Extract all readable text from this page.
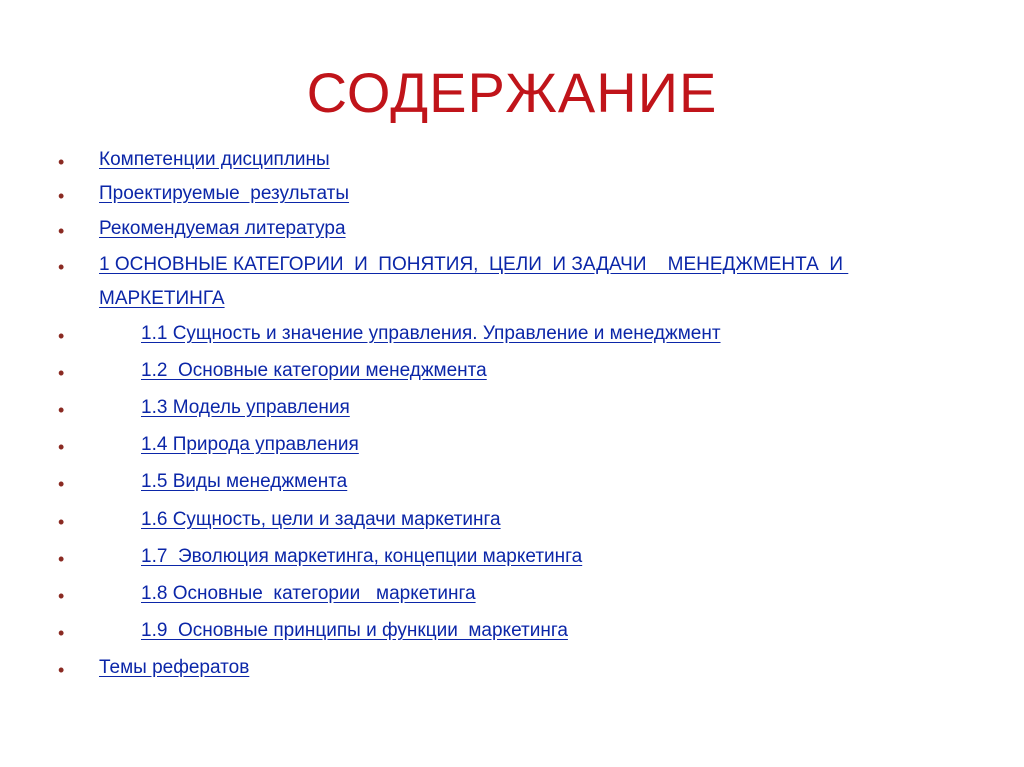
СОДЕРЖАНИЕ
• Компетенции дисциплины
• Проектируемые  результаты
• Рекомендуемая литература
• 1 ОСНОВНЫЕ КАТЕГОРИИ  И  ПОНЯТИЯ,  ЦЕЛИ  И ЗАДАЧИ    МЕНЕДЖМЕНТА  И МАРКЕТИНГА
•	1.1 Сущность и значение управления. Управление и менеджмент
•	1.2  Основные категории менеджмента
•	1.3 Модель управления
•	1.4 Природа управления
•	1.5 Виды менеджмента
•	1.6 Сущность, цели и задачи маркетинга
•	1.7  Эволюция маркетинга, концепции маркетинга
•	1.8 Основные  категории   маркетинга
•	1.9  Основные принципы и функции  маркетинга
• Темы рефератов
